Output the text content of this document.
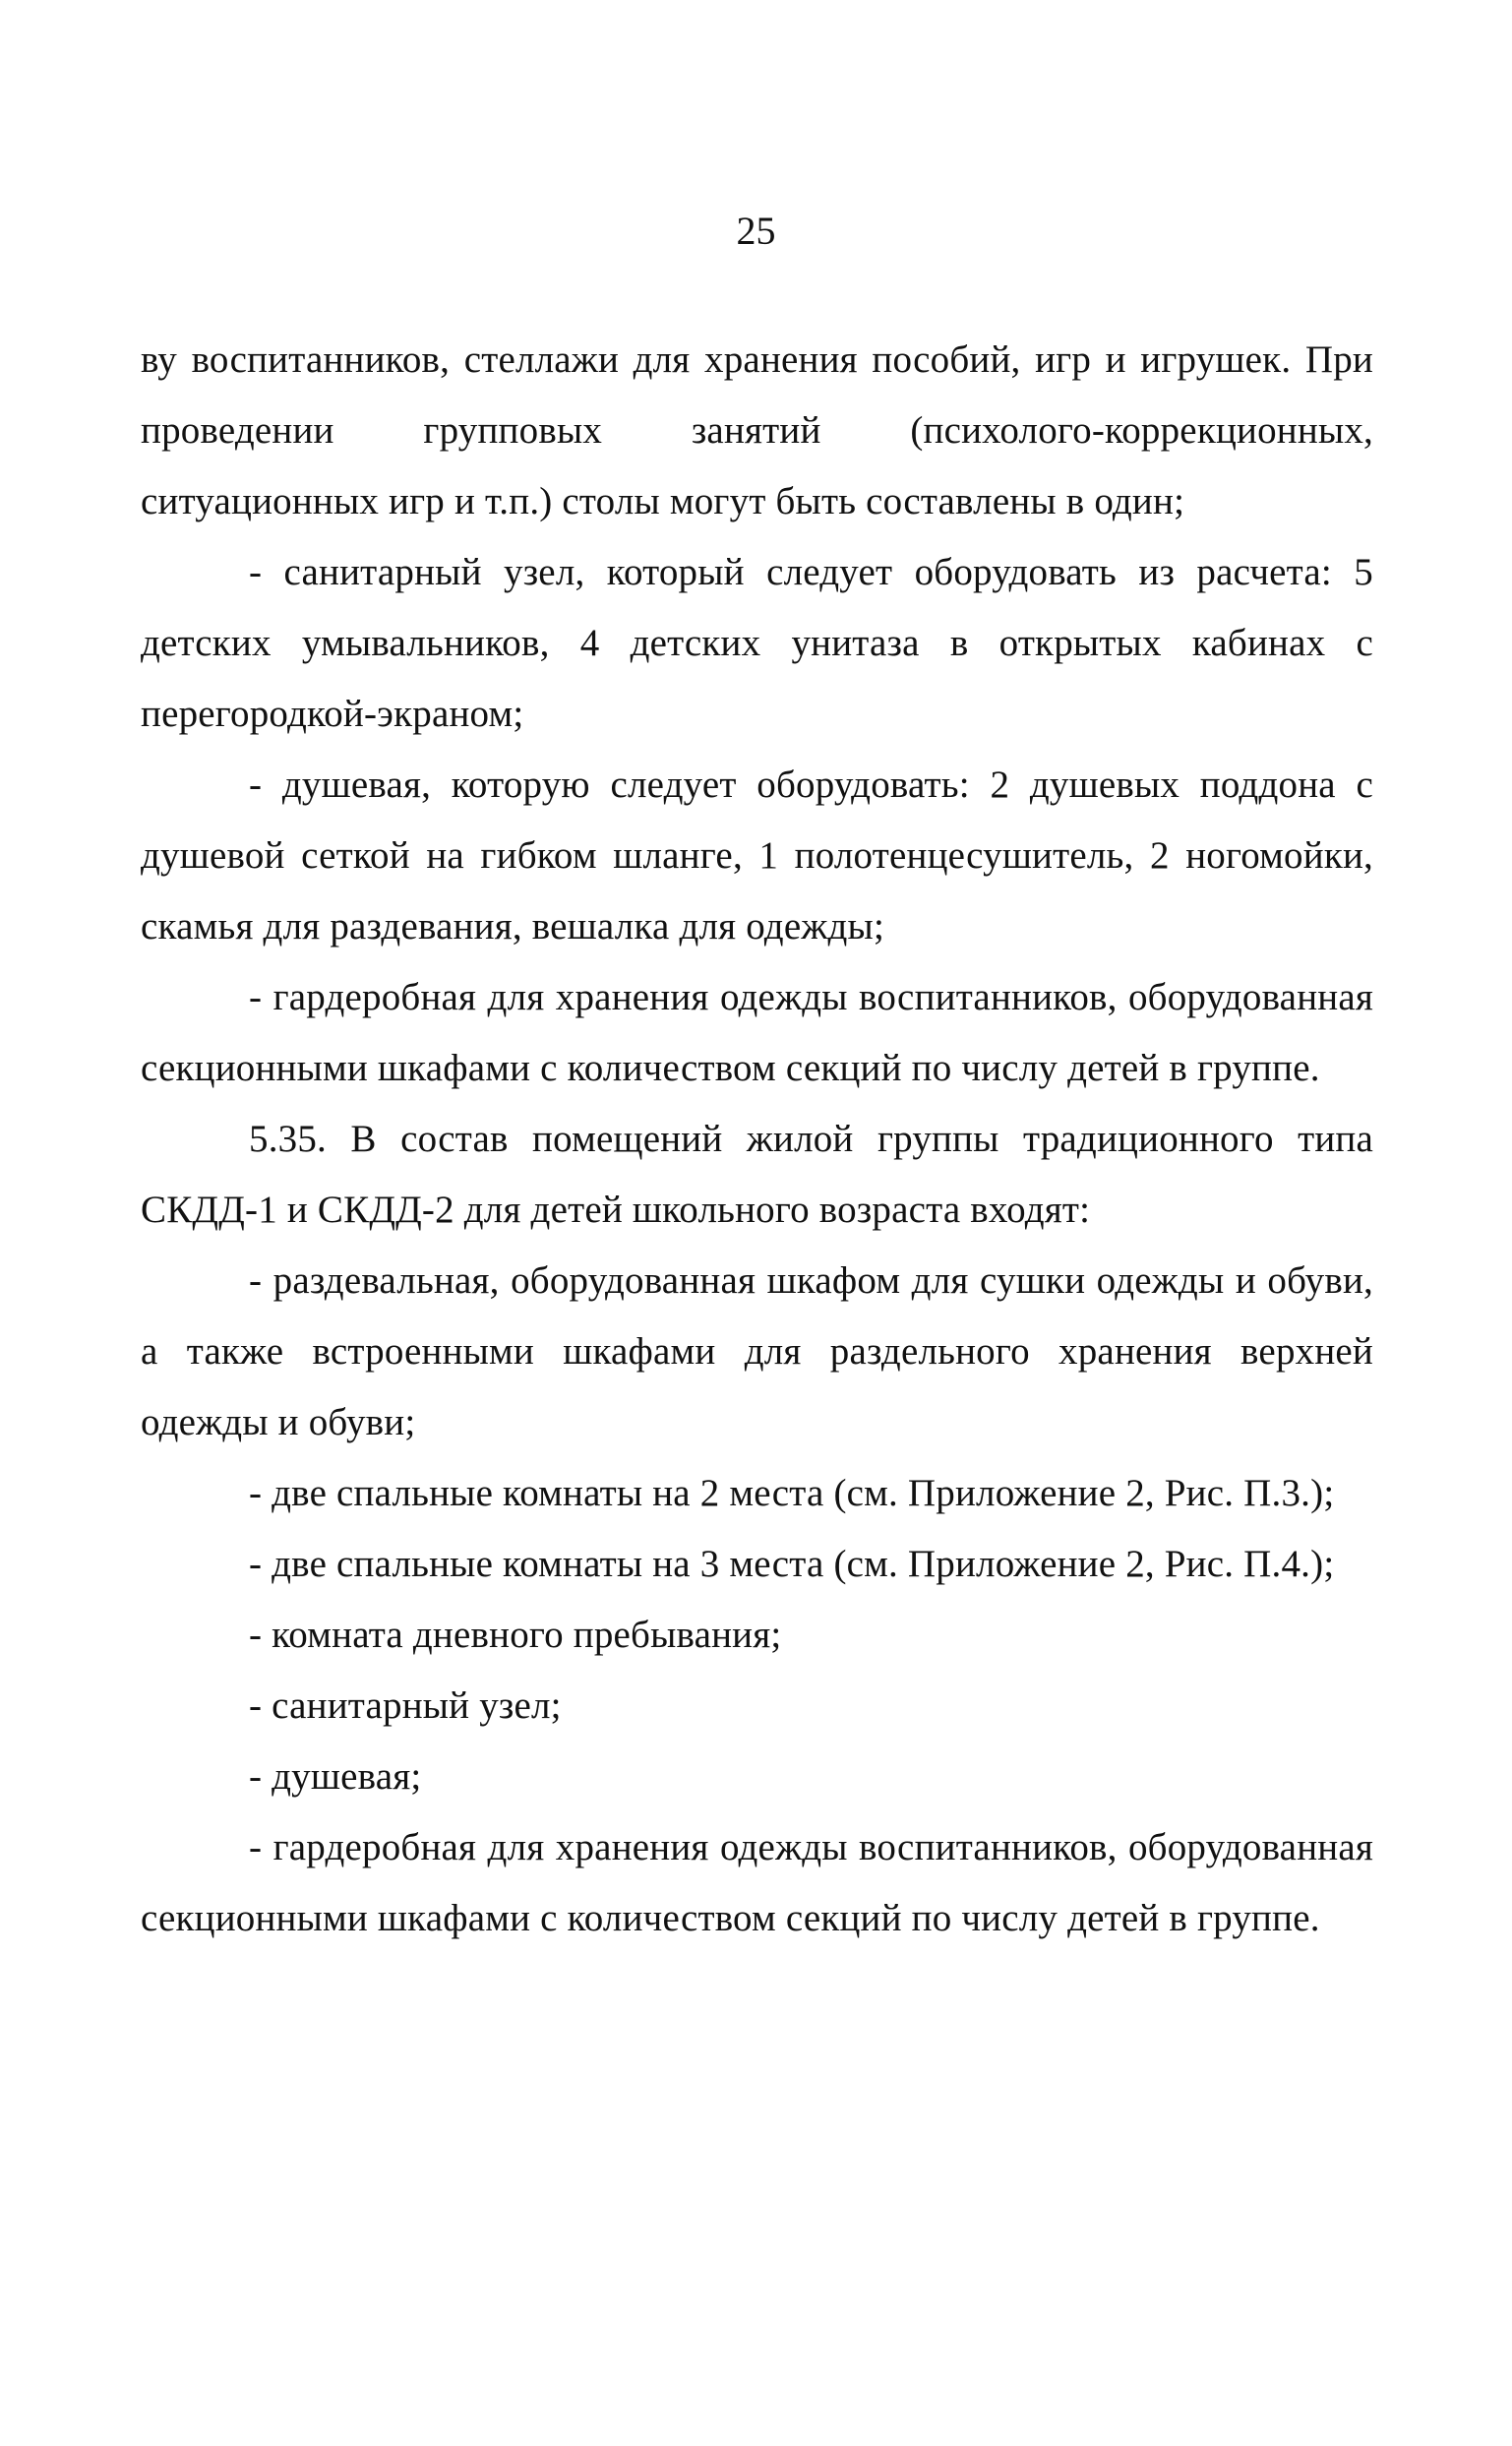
25

ву воспитанников, стеллажи для хранения пособий, игр и игрушек. При проведении групповых занятий (психолого-коррекционных, ситуационных игр и т.п.) столы могут быть составлены в один;

- санитарный узел, который следует оборудовать из расчета: 5 детских умывальников, 4 детских унитаза в открытых кабинах с перегородкой-экраном;

- душевая, которую следует оборудовать: 2 душевых поддона с душевой сеткой на гибком шланге, 1 полотенцесушитель, 2 ногомойки, скамья для раздевания, вешалка для одежды;

- гардеробная для хранения одежды воспитанников, оборудованная секционными шкафами с количеством секций по числу детей в группе.

5.35. В состав помещений жилой группы традиционного типа СКДД-1 и СКДД-2 для детей школьного возраста входят:

- раздевальная, оборудованная шкафом для сушки одежды и обуви, а также встроенными шкафами для раздельного хранения верхней одежды и обуви;

- две спальные комнаты на 2 места (см. Приложение 2, Рис. П.3.);

- две спальные комнаты на 3 места (см. Приложение 2, Рис. П.4.);

- комната дневного пребывания;

- санитарный узел;

- душевая;

- гардеробная для хранения одежды воспитанников, оборудованная секционными шкафами с количеством секций по числу детей в группе.
